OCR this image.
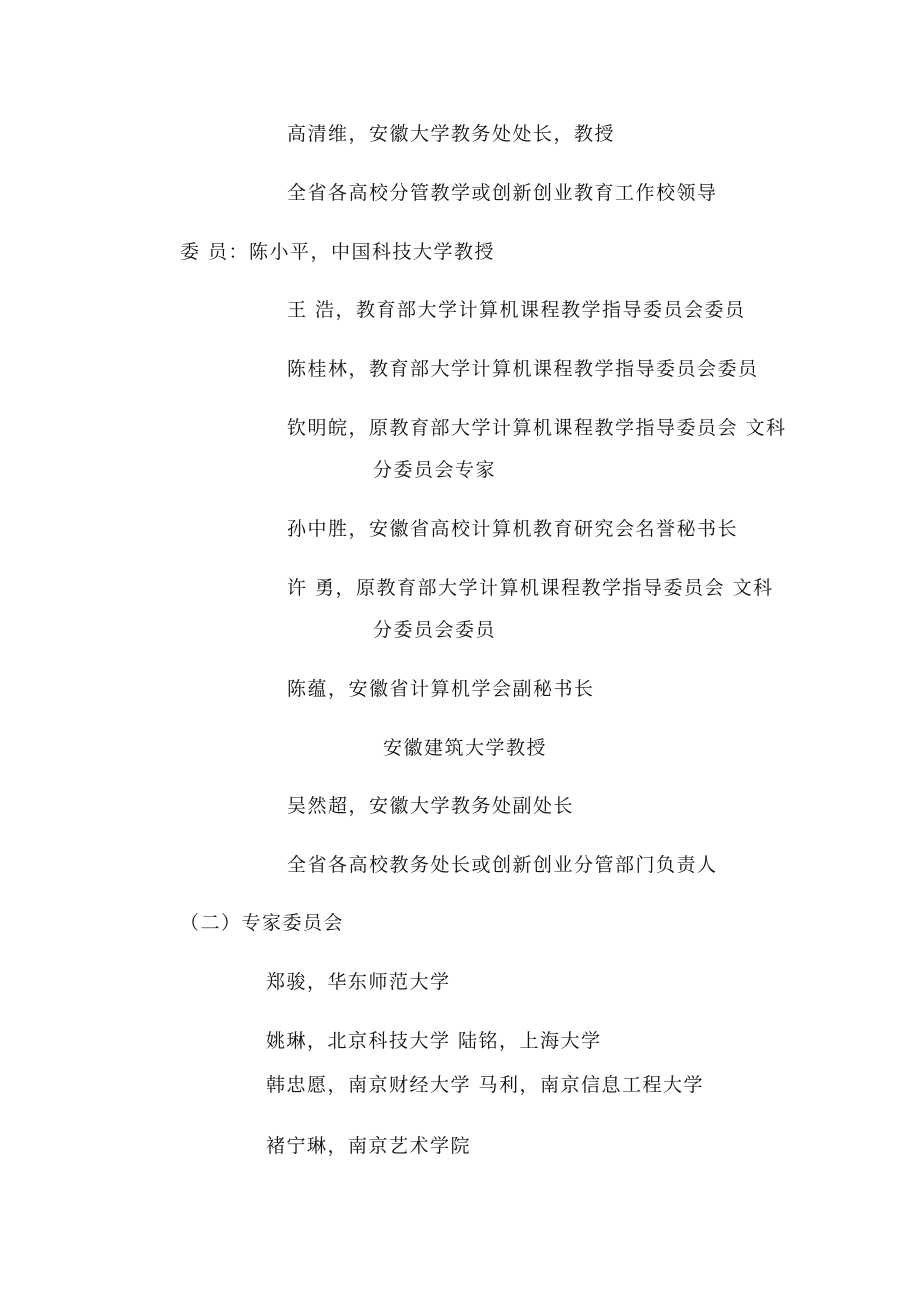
高清维，安徽大学教务处处长，教授
全省各高校分管教学或创新创业教育工作校领导
委 员：陈小平，中国科技大学教授
王 浩，教育部大学计算机课程教学指导委员会委员
陈桂林，教育部大学计算机课程教学指导委员会委员
钦明皖，原教育部大学计算机课程教学指导委员会 文科
分委员会专家
孙中胜，安徽省高校计算机教育研究会名誉秘书长
许 勇，原教育部大学计算机课程教学指导委员会 文科
分委员会委员
陈蕴，安徽省计算机学会副秘书长
安徽建筑大学教授
吴然超，安徽大学教务处副处长
全省各高校教务处长或创新创业分管部门负责人
（二）专家委员会
郑骏，华东师范大学
姚琳，北京科技大学 陆铭，上海大学
韩忠愿，南京财经大学 马利，南京信息工程大学
褚宁琳，南京艺术学院
